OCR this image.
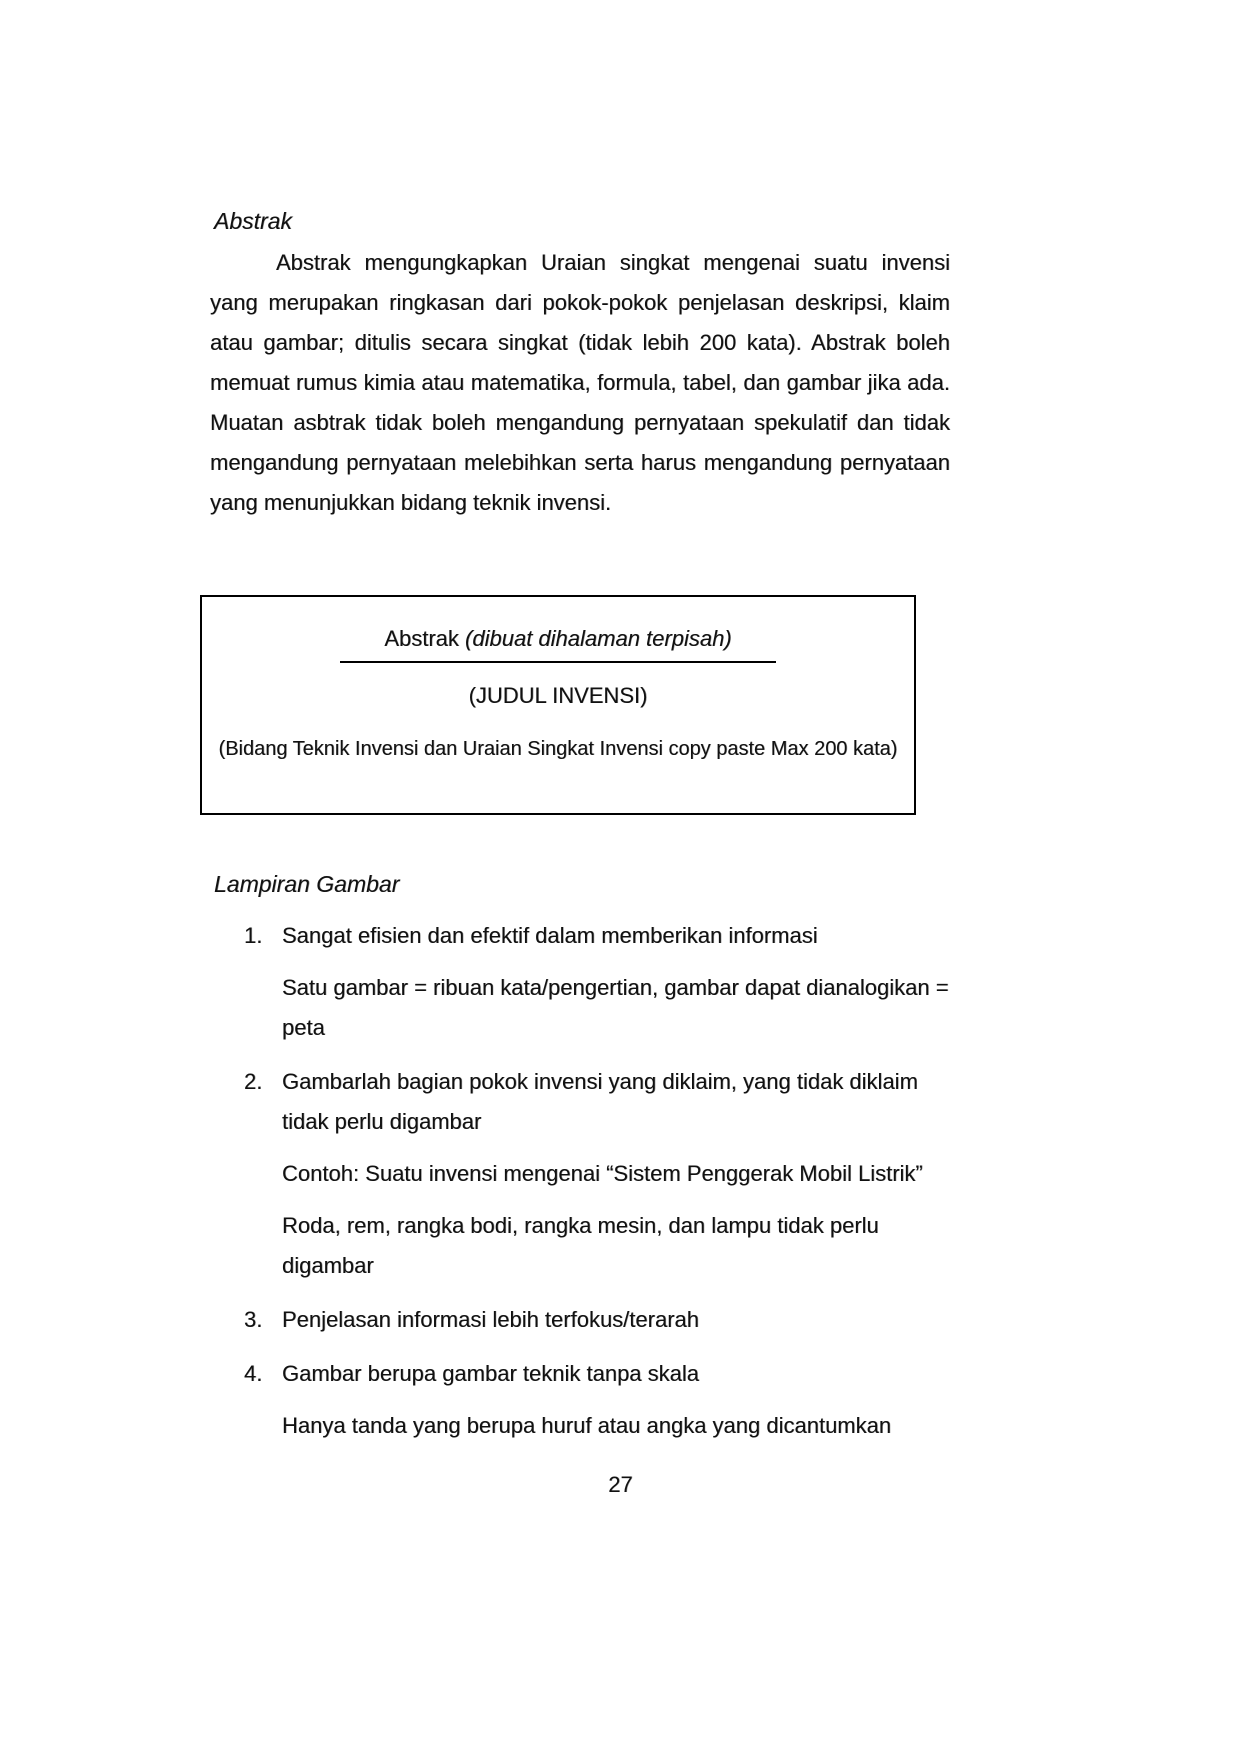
Abstrak

Abstrak mengungkapkan Uraian singkat mengenai suatu invensi yang merupakan ringkasan dari pokok-pokok penjelasan deskripsi, klaim atau gambar; ditulis secara singkat (tidak lebih 200 kata). Abstrak boleh memuat rumus kimia atau matematika, formula, tabel, dan gambar jika ada. Muatan asbtrak tidak boleh mengandung pernyataan spekulatif dan tidak mengandung pernyataan melebihkan serta harus mengandung pernyataan yang menunjukkan bidang teknik invensi.

Abstrak (dibuat dihalaman terpisah)
(JUDUL INVENSI)
(Bidang Teknik Invensi dan Uraian Singkat Invensi copy paste Max 200 kata)
Lampiran Gambar
1. Sangat efisien dan efektif dalam memberikan informasi

Satu gambar = ribuan kata/pengertian, gambar dapat dianalogikan = peta

2. Gambarlah bagian pokok invensi yang diklaim, yang tidak diklaim tidak perlu digambar

Contoh: Suatu invensi mengenai “Sistem Penggerak Mobil Listrik”

Roda, rem, rangka bodi, rangka mesin, dan lampu tidak perlu digambar

3. Penjelasan informasi lebih terfokus/terarah
4. Gambar berupa gambar teknik tanpa skala

Hanya tanda yang berupa huruf atau angka yang dicantumkan

27
